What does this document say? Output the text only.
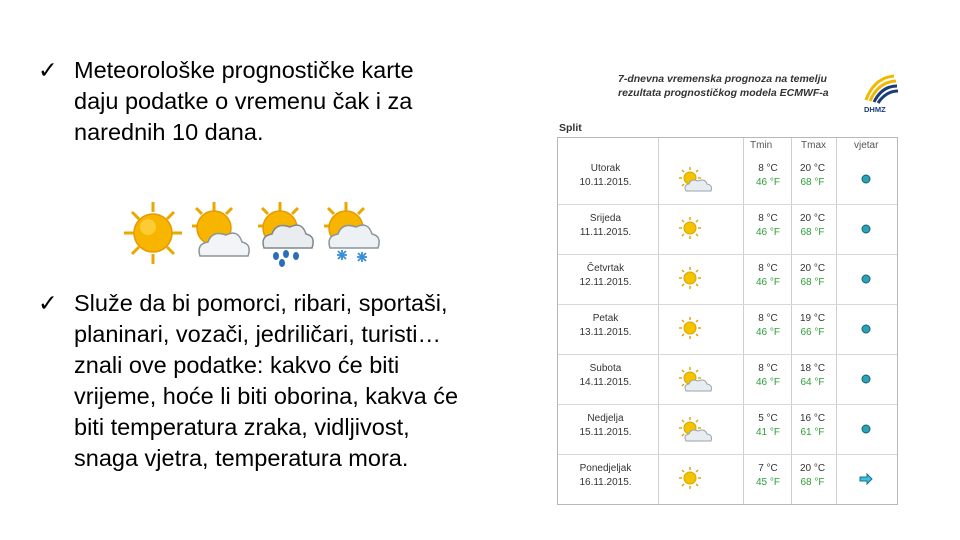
✓ Meteorološke prognostičke karte
daju podatke o vremenu čak i za
narednih 10 dana.
✓ Služe da bi pomorci, ribari, sportaši,
planinari, vozači, jedriličari, turisti…
znali ove podatke: kakvo će biti
vrijeme, hoće li biti oborina, kakva će
biti temperatura zraka, vidljivost,
snaga vjetra, temperatura mora.
7-dnevna vremenska prognoza na temelju
rezultata prognostičkog modela ECMWF-a
DHMZ
Split
Tmin	Tmax	vjetar
Utorak
10.11.2015.
8 °C
46 °F
20 °C
68 °F
Srijeda
11.11.2015.
8 °C
46 °F
20 °C
68 °F
Četvrtak
12.11.2015.
8 °C
46 °F
20 °C
68 °F
Petak
13.11.2015.
8 °C
46 °F
19 °C
66 °F
Subota
14.11.2015.
8 °C
46 °F
18 °C
64 °F
Nedjelja
15.11.2015.
5 °C
41 °F
16 °C
61 °F
Ponedjeljak
16.11.2015.
7 °C
45 °F
20 °C
68 °F
